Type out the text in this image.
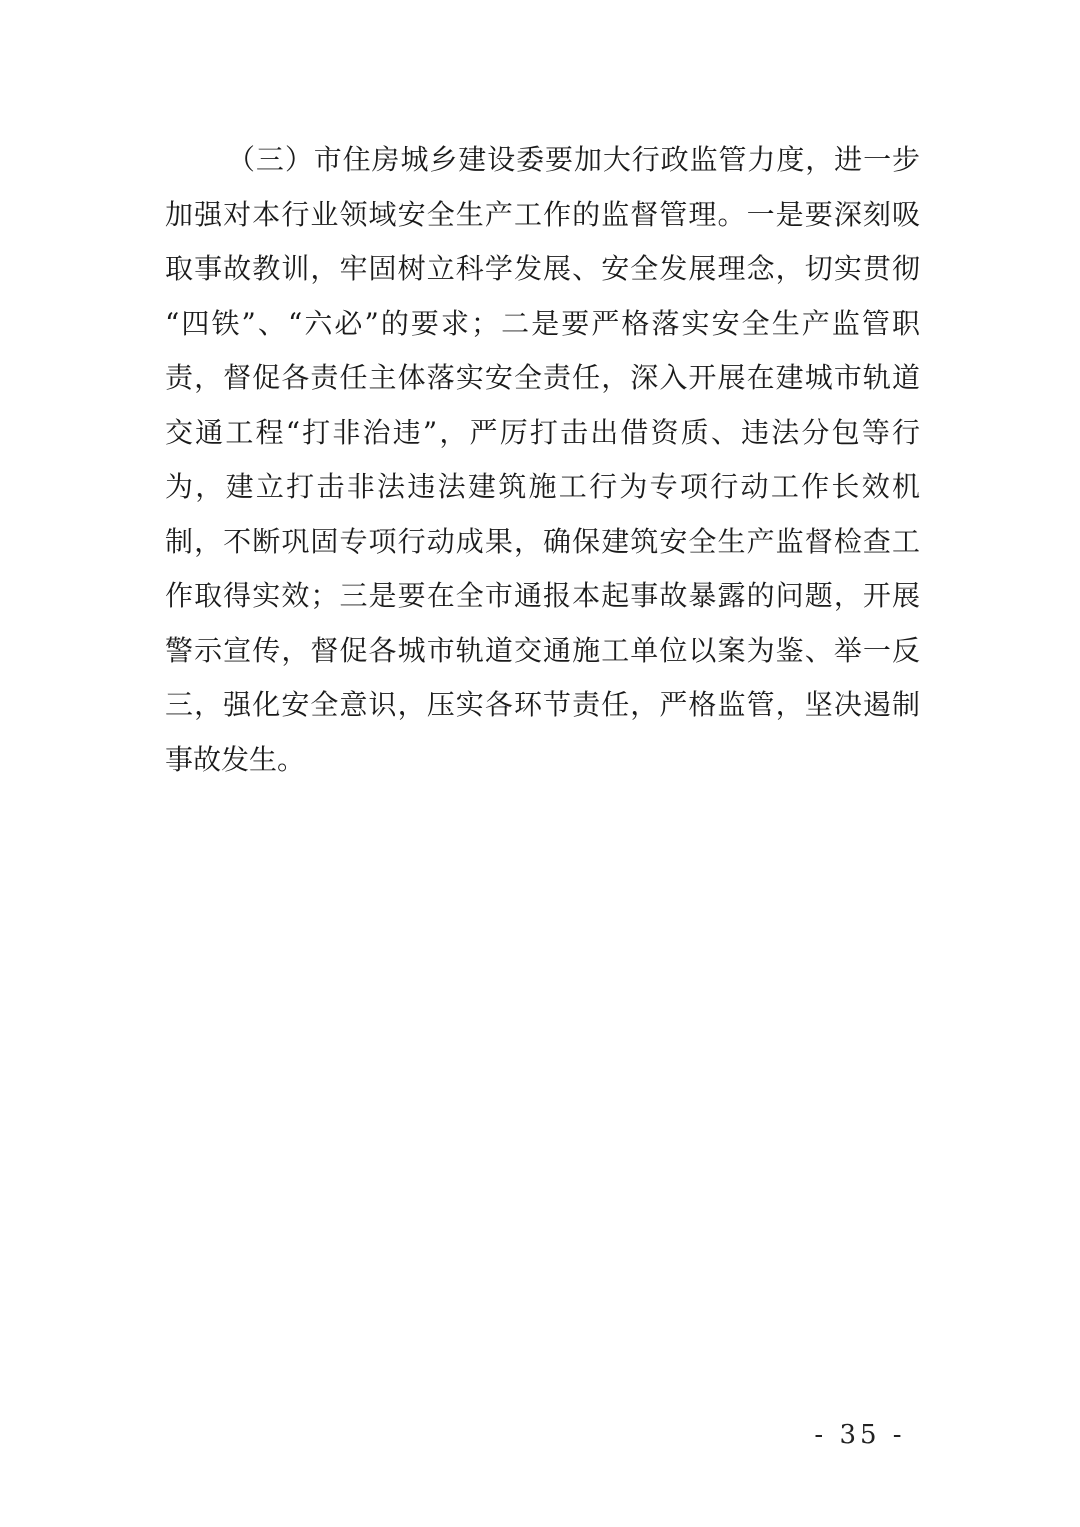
（三）市住房城乡建设委要加大行政监管力度，进一步
加强对本行业领域安全生产工作的监督管理。一是要深刻吸
取事故教训，牢固树立科学发展、安全发展理念，切实贯彻
“四铁”、“六必”的要求；二是要严格落实安全生产监管职
责，督促各责任主体落实安全责任，深入开展在建城市轨道
交通工程“打非治违”，严厉打击出借资质、违法分包等行
为，建立打击非法违法建筑施工行为专项行动工作长效机
制，不断巩固专项行动成果，确保建筑安全生产监督检查工
作取得实效；三是要在全市通报本起事故暴露的问题，开展
警示宣传，督促各城市轨道交通施工单位以案为鉴、举一反
三，强化安全意识，压实各环节责任，严格监管，坚决遏制
事故发生。
- 35 -
